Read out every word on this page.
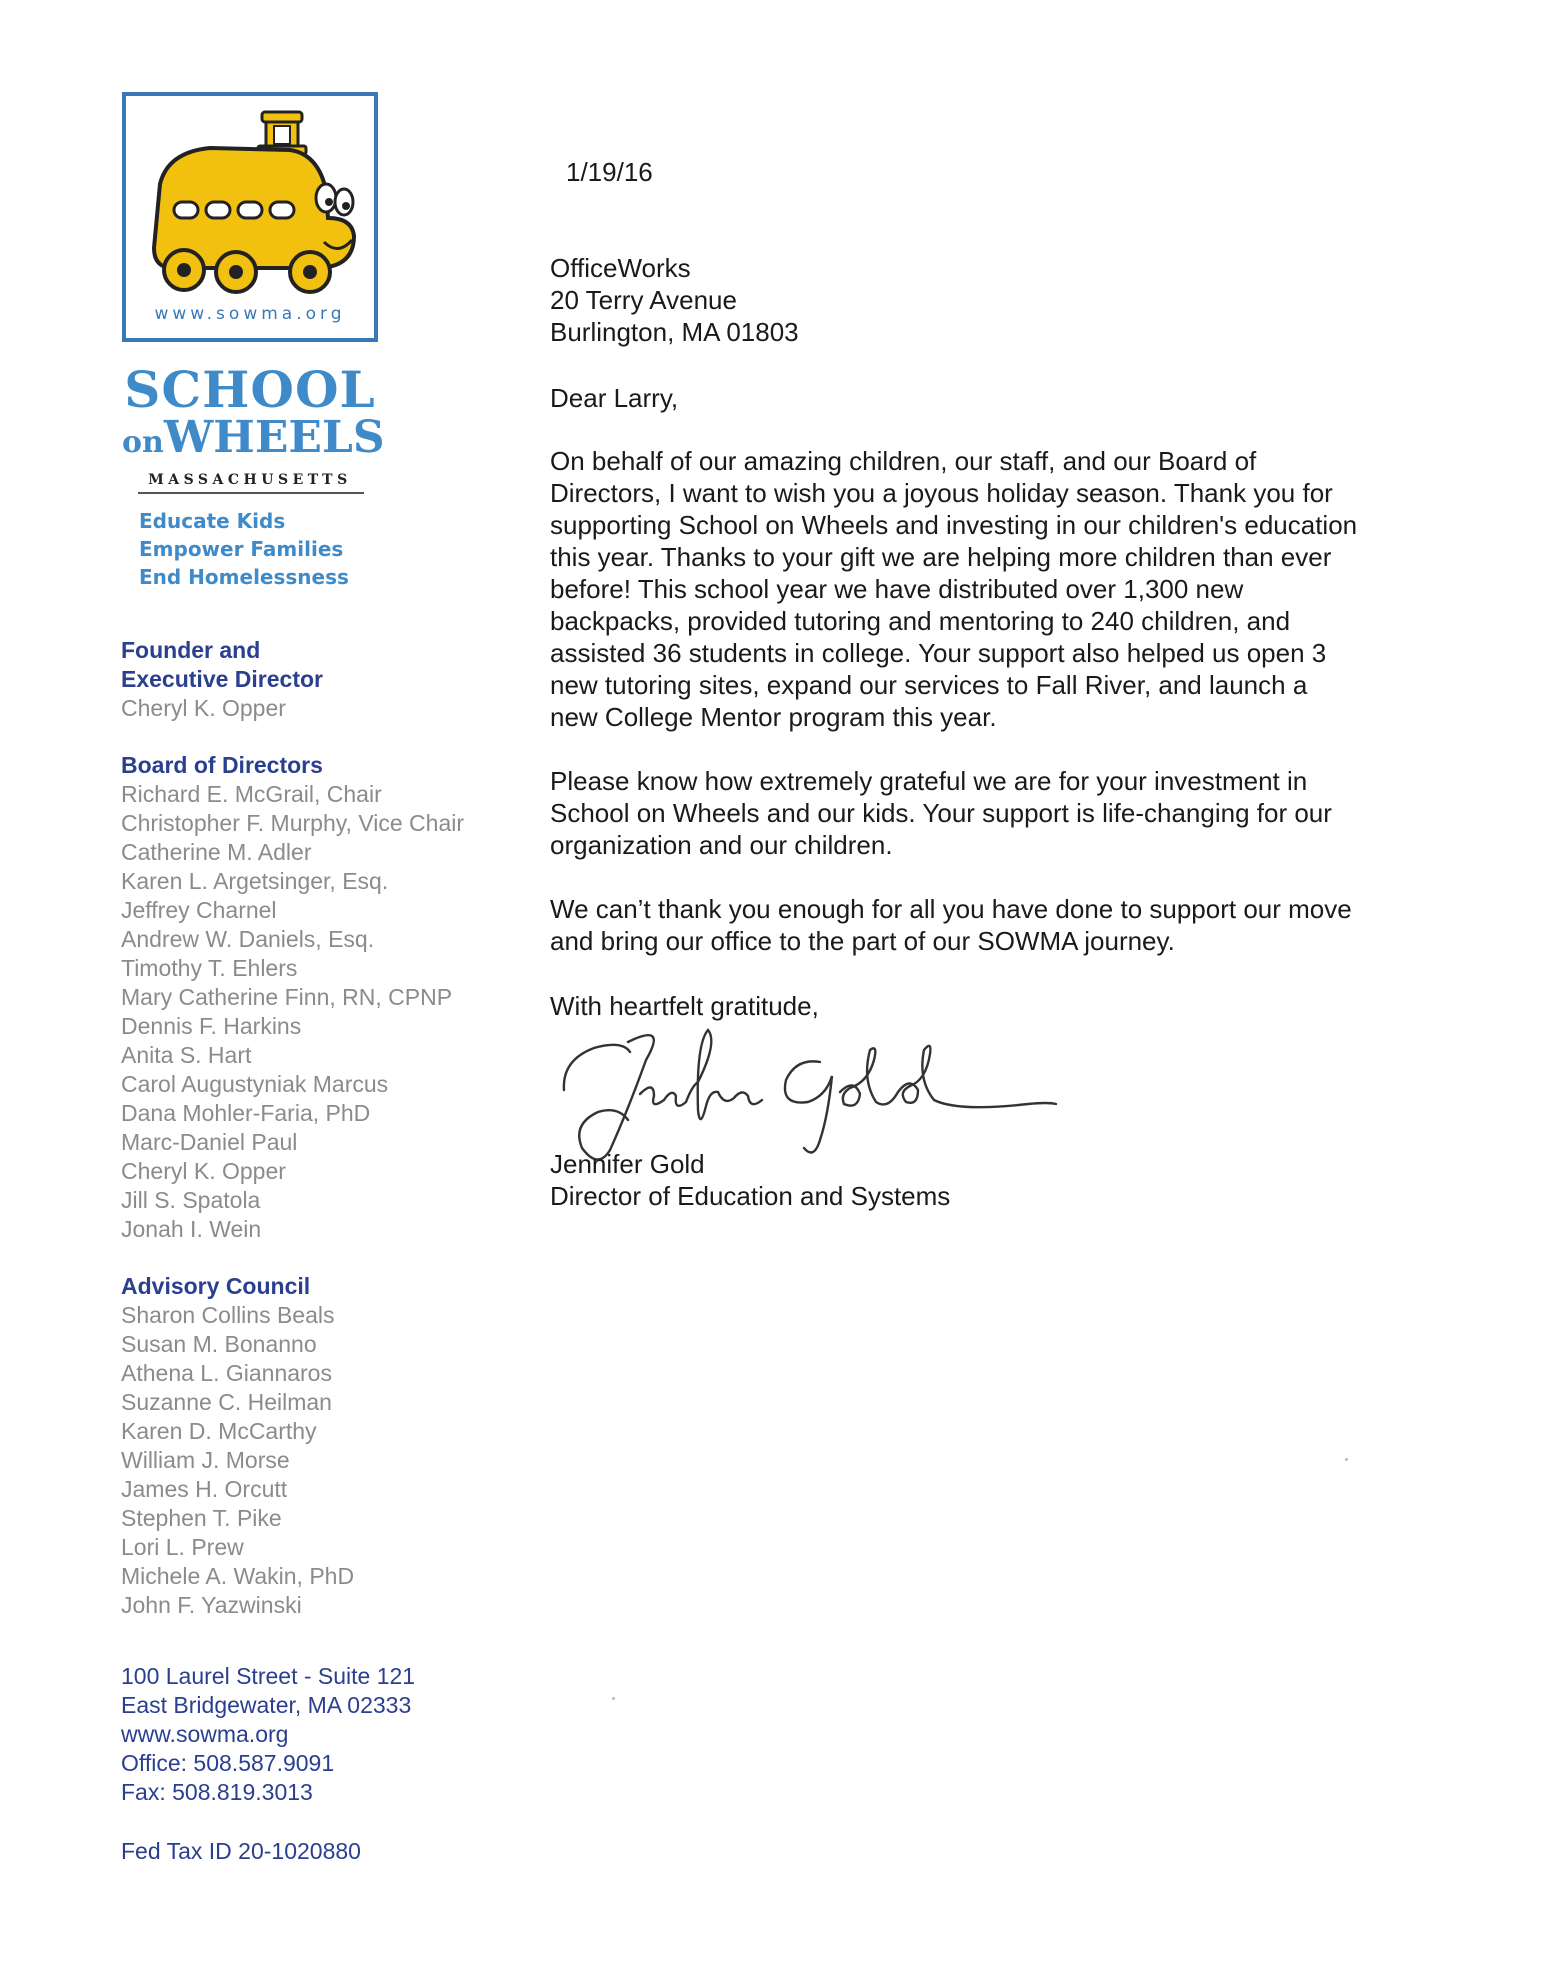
www.sowma.org
SCHOOL
onWHEELS
MASSACHUSETTS
Educate Kids
Empower Families
End Homelessness
Founder and
Executive Director
Cheryl K. Opper
Board of Directors
Richard E. McGrail, Chair
Christopher F. Murphy, Vice Chair
Catherine M. Adler
Karen L. Argetsinger, Esq.
Jeffrey Charnel
Andrew W. Daniels, Esq.
Timothy T. Ehlers
Mary Catherine Finn, RN, CPNP
Dennis F. Harkins
Anita S. Hart
Carol Augustyniak Marcus
Dana Mohler-Faria, PhD
Marc-Daniel Paul
Cheryl K. Opper
Jill S. Spatola
Jonah I. Wein
Advisory Council
Sharon Collins Beals
Susan M. Bonanno
Athena L. Giannaros
Suzanne C. Heilman
Karen D. McCarthy
William J. Morse
James H. Orcutt
Stephen T. Pike
Lori L. Prew
Michele A. Wakin, PhD
John F. Yazwinski
100 Laurel Street - Suite 121
East Bridgewater, MA 02333
www.sowma.org
Office: 508.587.9091
Fax: 508.819.3013
Fed Tax ID 20-1020880
1/19/16
OfficeWorks
20 Terry Avenue
Burlington, MA 01803
Dear Larry,
On behalf of our amazing children, our staff, and our Board of
Directors, I want to wish you a joyous holiday season. Thank you for
supporting School on Wheels and investing in our children's education
this year. Thanks to your gift we are helping more children than ever
before! This school year we have distributed over 1,300 new
backpacks, provided tutoring and mentoring to 240 children, and
assisted 36 students in college. Your support also helped us open 3
new tutoring sites, expand our services to Fall River, and launch a
new College Mentor program this year.
Please know how extremely grateful we are for your investment in
School on Wheels and our kids. Your support is life-changing for our
organization and our children.
We can’t thank you enough for all you have done to support our move
and bring our office to the part of our SOWMA journey.
With heartfelt gratitude,
Jennifer Gold
Director of Education and Systems
